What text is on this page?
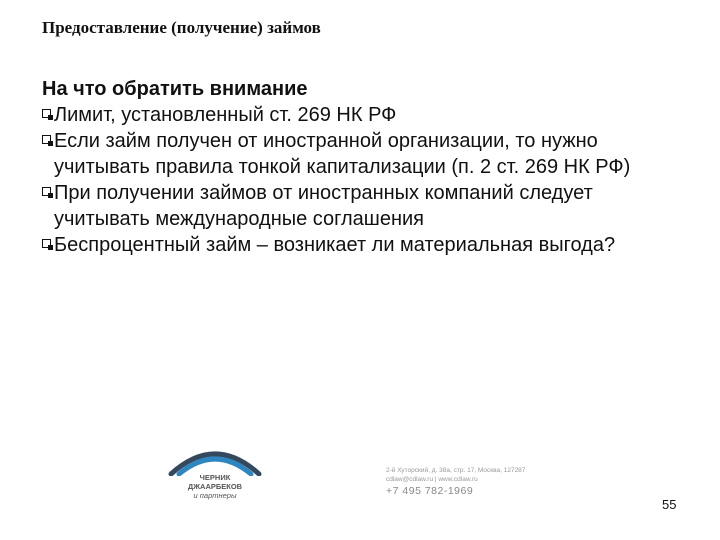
Предоставление (получение) займов
На что обратить внимание
Лимит, установленный ст. 269 НК РФ
Если займ получен от иностранной организации, то нужно учитывать правила тонкой капитализации (п. 2 ст. 269 НК РФ)
При получении займов от иностранных компаний следует учитывать международные соглашения
Беспроцентный займ – возникает ли материальная выгода?
ЧЕРНИК
ДЖААРБЕКОВ
и партнеры
2-й Хуторский, д. 38а, стр. 17, Москва, 127287
cdlaw@cdlaw.ru | www.cdlaw.ru
+7 495 782-1969
55
